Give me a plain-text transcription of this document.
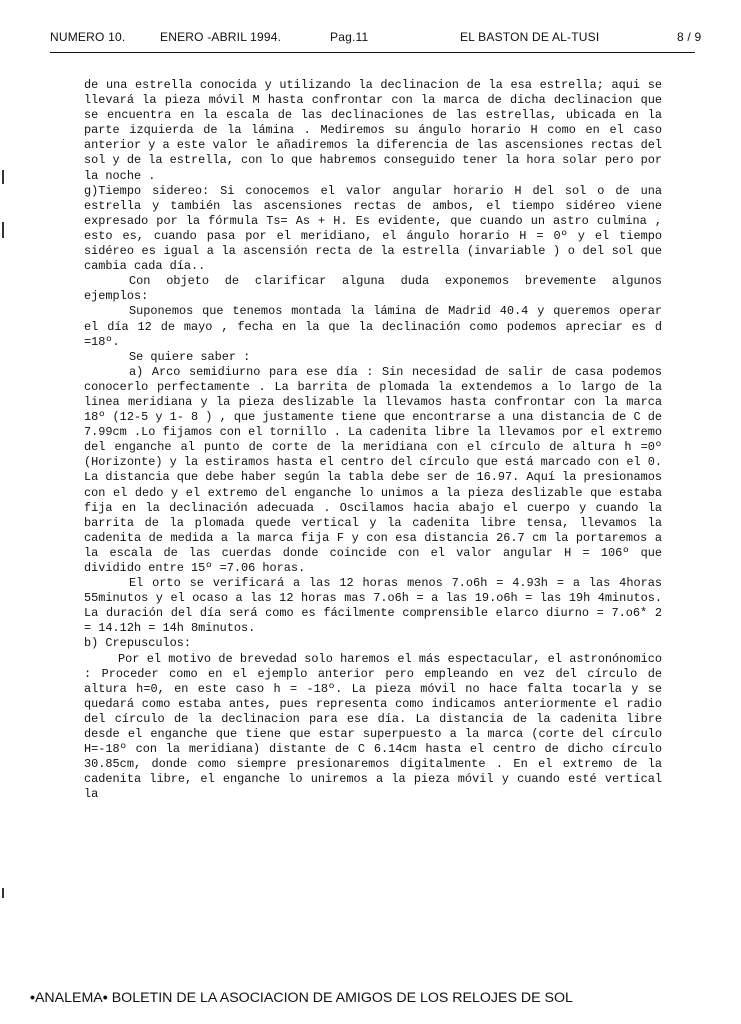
NUMERO 10.	ENERO -ABRIL 1994.	Pag.11	EL BASTON DE AL-TUSI	8 / 9

de una estrella conocida y utilizando la declinacion de la esa estrella; aqui se llevará la pieza móvil M hasta confrontar con la marca de dicha declinacion que se encuentra en la escala de las declinaciones de las estrellas, ubicada en la parte izquierda de la lámina . Mediremos su ángulo horario H como en el caso anterior y a este valor le añadiremos la diferencia de las ascensiones rectas del sol y de la estrella, con lo que habremos conseguido tener la hora solar pero por la noche .

g)Tiempo sidereo: Si conocemos el valor angular horario H del sol o de una estrella y también las ascensiones rectas de ambos, el tiempo sidéreo viene expresado por la fórmula Ts= As + H. Es evidente, que cuando un astro culmina , esto es, cuando pasa por el meridiano, el ángulo horario H = 0º y el tiempo sidéreo es igual a la ascensión recta de la estrella (invariable ) o del sol que cambia cada día..

Con objeto de clarificar alguna duda exponemos brevemente algunos ejemplos:

Suponemos que tenemos montada la lámina de Madrid 40.4 y queremos operar el día 12 de mayo , fecha en la que la declinación como podemos apreciar es d =18º.

Se quiere saber :

a) Arco semidiurno para ese día : Sin necesidad de salir de casa podemos conocerlo perfectamente . La barrita de plomada la extendemos a lo largo de la linea meridiana y la pieza deslizable la llevamos hasta confrontar con la marca 18º (12-5 y 1- 8 ) , que justamente tiene que encontrarse a una distancia de C de 7.99cm .Lo fijamos con el tornillo . La cadenita libre la llevamos por el extremo del enganche al punto de corte de la meridiana con el círculo de altura h =0º (Horizonte) y la estiramos hasta el centro del círculo que está marcado con el 0. La distancia que debe haber según la tabla debe ser de 16.97. Aquí la presionamos con el dedo y el extremo del enganche lo unimos a la pieza deslizable que estaba fija en la declinación adecuada . Oscilamos hacia abajo el cuerpo y cuando la barrita de la plomada quede vertical y la cadenita libre tensa, llevamos la cadenita de medida a la marca fija F y con esa distancia 26.7 cm la portaremos a la escala de las cuerdas donde coincide con el valor angular H = 106º que dividido entre 15º =7.06 horas.

El orto se verificará a las 12 horas menos 7.o6h = 4.93h = a las 4horas 55minutos y el ocaso a las 12 horas mas 7.o6h = a las 19.o6h = las 19h 4minutos. La duración del día será como es fácilmente comprensible elarco diurno = 7.o6* 2 = 14.12h = 14h 8minutos.

b) Crepusculos:

Por el motivo de brevedad solo haremos el más espectacular, el astronónomico : Proceder como en el ejemplo anterior pero empleando en vez del círculo de altura h=0, en este caso h = -18º. La pieza móvil no hace falta tocarla y se quedará como estaba antes, pues representa como indicamos anteriormente el radio del círculo de la declinacion para ese día. La distancia de la cadenita libre desde el enganche que tiene que estar superpuesto a la marca (corte del círculo H=-18º con la meridiana) distante de C 6.14cm hasta el centro de dicho círculo 30.85cm, donde como siempre presionaremos digitalmente . En el extremo de la cadenita libre, el enganche lo uniremos a la pieza móvil y cuando esté vertical la

•ANALEMA• BOLETIN DE LA ASOCIACION DE AMIGOS DE LOS RELOJES DE SOL
